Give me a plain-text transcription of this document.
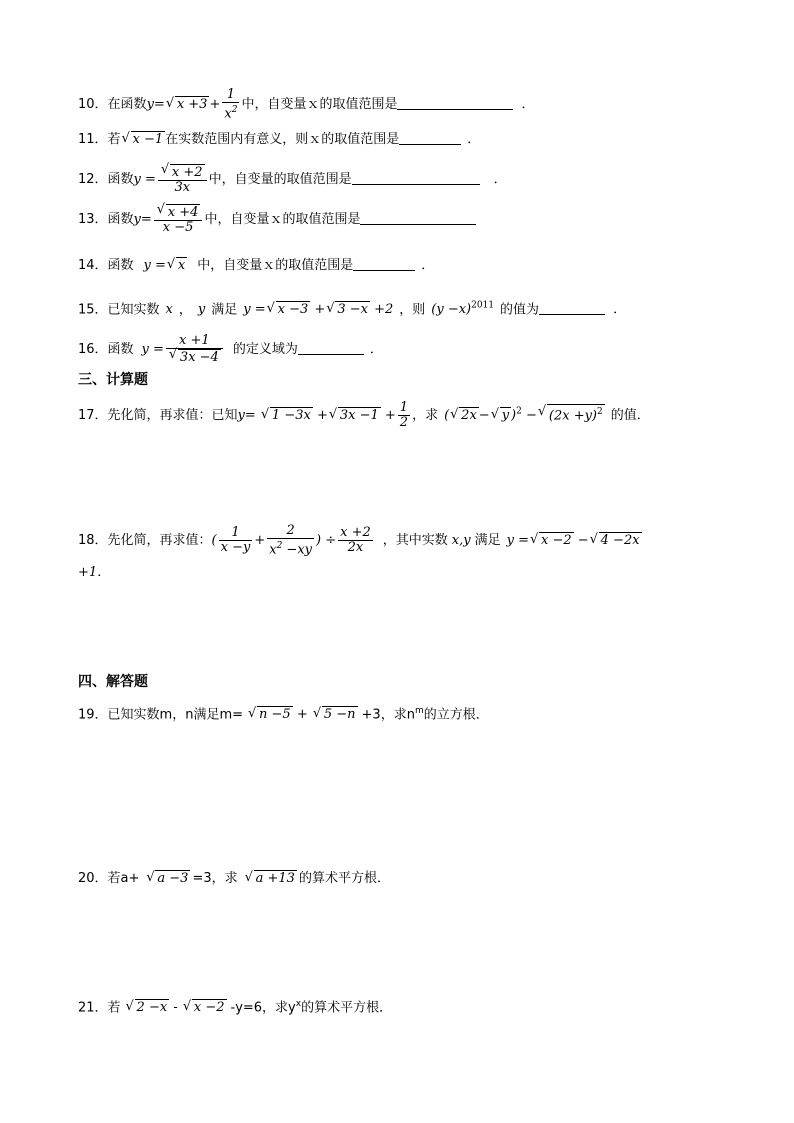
10．在函数y= √ $x +3 + \frac{1}{x^2}$ 中，自变量ｘ的取值范围是	．
11．若 √ x −1 在实数范围内有意义，则ｘ的取值范围是	．
12．函数y = √ $\frac{x +2}{3x}$ 中，自变量的取值范围是	．
13．函数y= √ $\frac{x +4}{x -5}$ 中，自变量ｘ的取值范围是
14．函数 y = √ x 中，自变量ｘ的取值范围是	．
15．已知实数 x ， y 满足 y = √ x −3 + √ 3 −x +2 ，则 $(y -x)^{2011}$ 的值为	．
16．函数 y = x +1
√ 3x −4 的定义域为	．
三、计算题
17．先化简，再求值：已知y= √ 1 −3x + √ $3x -1 + \frac{1}{2}$ ，求 ( √ 2x − √ y )$^2$ − √ $(2x +y)^2$ 的值．
18．先化简，再求值：( $\frac{1}{x -y} + \frac{2}{x^2 -xy}$ ) ÷ $\frac{x +2}{2x}$ ，其中实数 x,y 满足 y = √ x −2 − √ 4 −2x
+1．
四、解答题
19．已知实数m，n满足m= √ n −5 + √ 5 −n +3，求$n^m$的立方根．
20．若a+ √ a −3 =3，求 √ a +13 的算术平方根．
21．若 √ 2 −x - √ x −2 -y=6，求$y^x$的算术平方根．
